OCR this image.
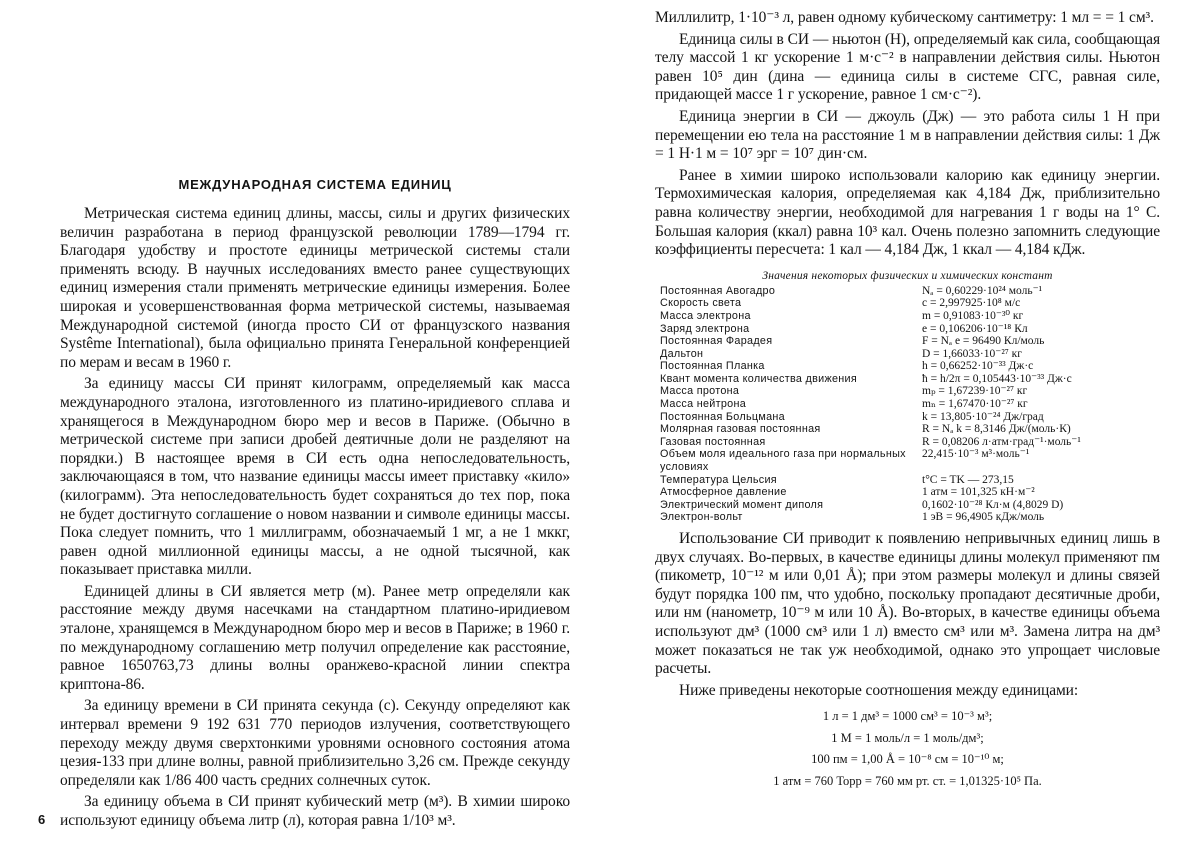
МЕЖДУНАРОДНАЯ СИСТЕМА ЕДИНИЦ

Метрическая система единиц длины, массы, силы и других физических величин разработана в период французской революции 1789—1794 гг. Благодаря удобству и простоте единицы метрической системы стали применять всюду. В научных исследованиях вместо ранее существующих единиц измерения стали применять метрические единицы измерения. Более широкая и усовершенствованная форма метрической системы, называемая Международной системой (иногда просто СИ от французского названия Systême International), была официально принята Генеральной конференцией по мерам и весам в 1960 г.

За единицу массы СИ принят килограмм, определяемый как масса международного эталона, изготовленного из платино-иридиевого сплава и хранящегося в Международном бюро мер и весов в Париже. (Обычно в метрической системе при записи дробей деятичные доли не разделяют на порядки.) В настоящее время в СИ есть одна непоследовательность, заключающаяся в том, что название единицы массы имеет приставку «кило» (килограмм). Эта непоследовательность будет сохраняться до тех пор, пока не будет достигнуто соглашение о новом названии и символе единицы массы. Пока следует помнить, что 1 миллиграмм, обозначаемый 1 мг, а не 1 мккг, равен одной миллионной единицы массы, а не одной тысячной, как показывает приставка милли.

Единицей длины в СИ является метр (м). Ранее метр определяли как расстояние между двумя насечками на стандартном платино-иридиевом эталоне, хранящемся в Международном бюро мер и весов в Париже; в 1960 г. по международному соглашению метр получил определение как расстояние, равное 1650763,73 длины волны оранжево-красной линии спектра криптона-86.

За единицу времени в СИ принята секунда (с). Секунду определяют как интервал времени 9 192 631 770 периодов излучения, соответствующего переходу между двумя сверхтонкими уровнями основного состояния атома цезия-133 при длине волны, равной приблизительно 3,26 см. Прежде секунду определяли как 1/86 400 часть средних солнечных суток.

За единицу объема в СИ принят кубический метр (м³). В химии широко используют единицу объема литр (л), которая равна 1/10³ м³.

6

Миллилитр, 1·10⁻³ л, равен одному кубическому сантиметру: 1 мл = = 1 см³.

Единица силы в СИ — ньютон (Н), определяемый как сила, сообщающая телу массой 1 кг ускорение 1 м·с⁻² в направлении действия силы. Ньютон равен 10⁵ дин (дина — единица силы в системе СГС, равная силе, придающей массе 1 г ускорение, равное 1 см·с⁻²).

Единица энергии в СИ — джоуль (Дж) — это работа силы 1 Н при перемещении ею тела на расстояние 1 м в направлении действия силы: 1 Дж = 1 Н·1 м = 10⁷ эрг = 10⁷ дин·см.

Ранее в химии широко использовали калорию как единицу энергии. Термохимическая калория, определяемая как 4,184 Дж, приблизительно равна количеству энергии, необходимой для нагревания 1 г воды на 1° С. Большая калория (ккал) равна 10³ кал. Очень полезно запомнить следующие коэффициенты пересчета: 1 кал — 4,184 Дж, 1 ккал — 4,184 кДж.

Значения некоторых физических и химических констант
Постоянная Авогадро	Nₐ = 0,60229·10²⁴ моль⁻¹
Скорость света	c = 2,997925·10⁸ м/с
Масса электрона	m = 0,91083·10⁻³⁰ кг
Заряд электрона	e = 0,106206·10⁻¹⁸ Кл
Постоянная Фарадея	F = Nₐ e = 96490 Кл/моль
Дальтон	D = 1,66033·10⁻²⁷ кг
Постоянная Планка	h = 0,66252·10⁻³³ Дж·с
Квант момента количества движения	ħ = h/2π = 0,105443·10⁻³³ Дж·с
Масса протона	mₚ = 1,67239·10⁻²⁷ кг
Масса нейтрона	mₙ = 1,67470·10⁻²⁷ кг
Постоянная Больцмана	k = 13,805·10⁻²⁴ Дж/град
Молярная газовая постоянная	R = Nₐ k = 8,3146 Дж/(моль·К)
Газовая постоянная	R = 0,08206 л·атм·град⁻¹·моль⁻¹
Объем моля идеального газа при нормальных условиях	22,415·10⁻³ м³·моль⁻¹
Температура Цельсия	t°C = TK — 273,15
Атмосферное давление	1 атм = 101,325 кН·м⁻²
Электрический момент диполя	0,1602·10⁻²⁸ Кл·м (4,8029 D)
Электрон-вольт	1 эВ = 96,4905 кДж/моль

Использование СИ приводит к появлению непривычных единиц лишь в двух случаях. Во-первых, в качестве единицы длины молекул применяют пм (пикометр, 10⁻¹² м или 0,01 Å); при этом размеры молекул и длины связей будут порядка 100 пм, что удобно, поскольку пропадают десятичные дроби, или нм (нанометр, 10⁻⁹ м или 10 Å). Во-вторых, в качестве единицы объема используют дм³ (1000 см³ или 1 л) вместо см³ или м³. Замена литра на дм³ может показаться не так уж необходимой, однако это упрощает числовые расчеты.

Ниже приведены некоторые соотношения между единицами:

1 л = 1 дм³ = 1000 см³ = 10⁻³ м³;
1 М = 1 моль/л = 1 моль/дм³;
100 пм = 1,00 Å = 10⁻⁸ см = 10⁻¹⁰ м;
1 атм = 760 Торр = 760 мм рт. ст. = 1,01325·10⁵ Па.
